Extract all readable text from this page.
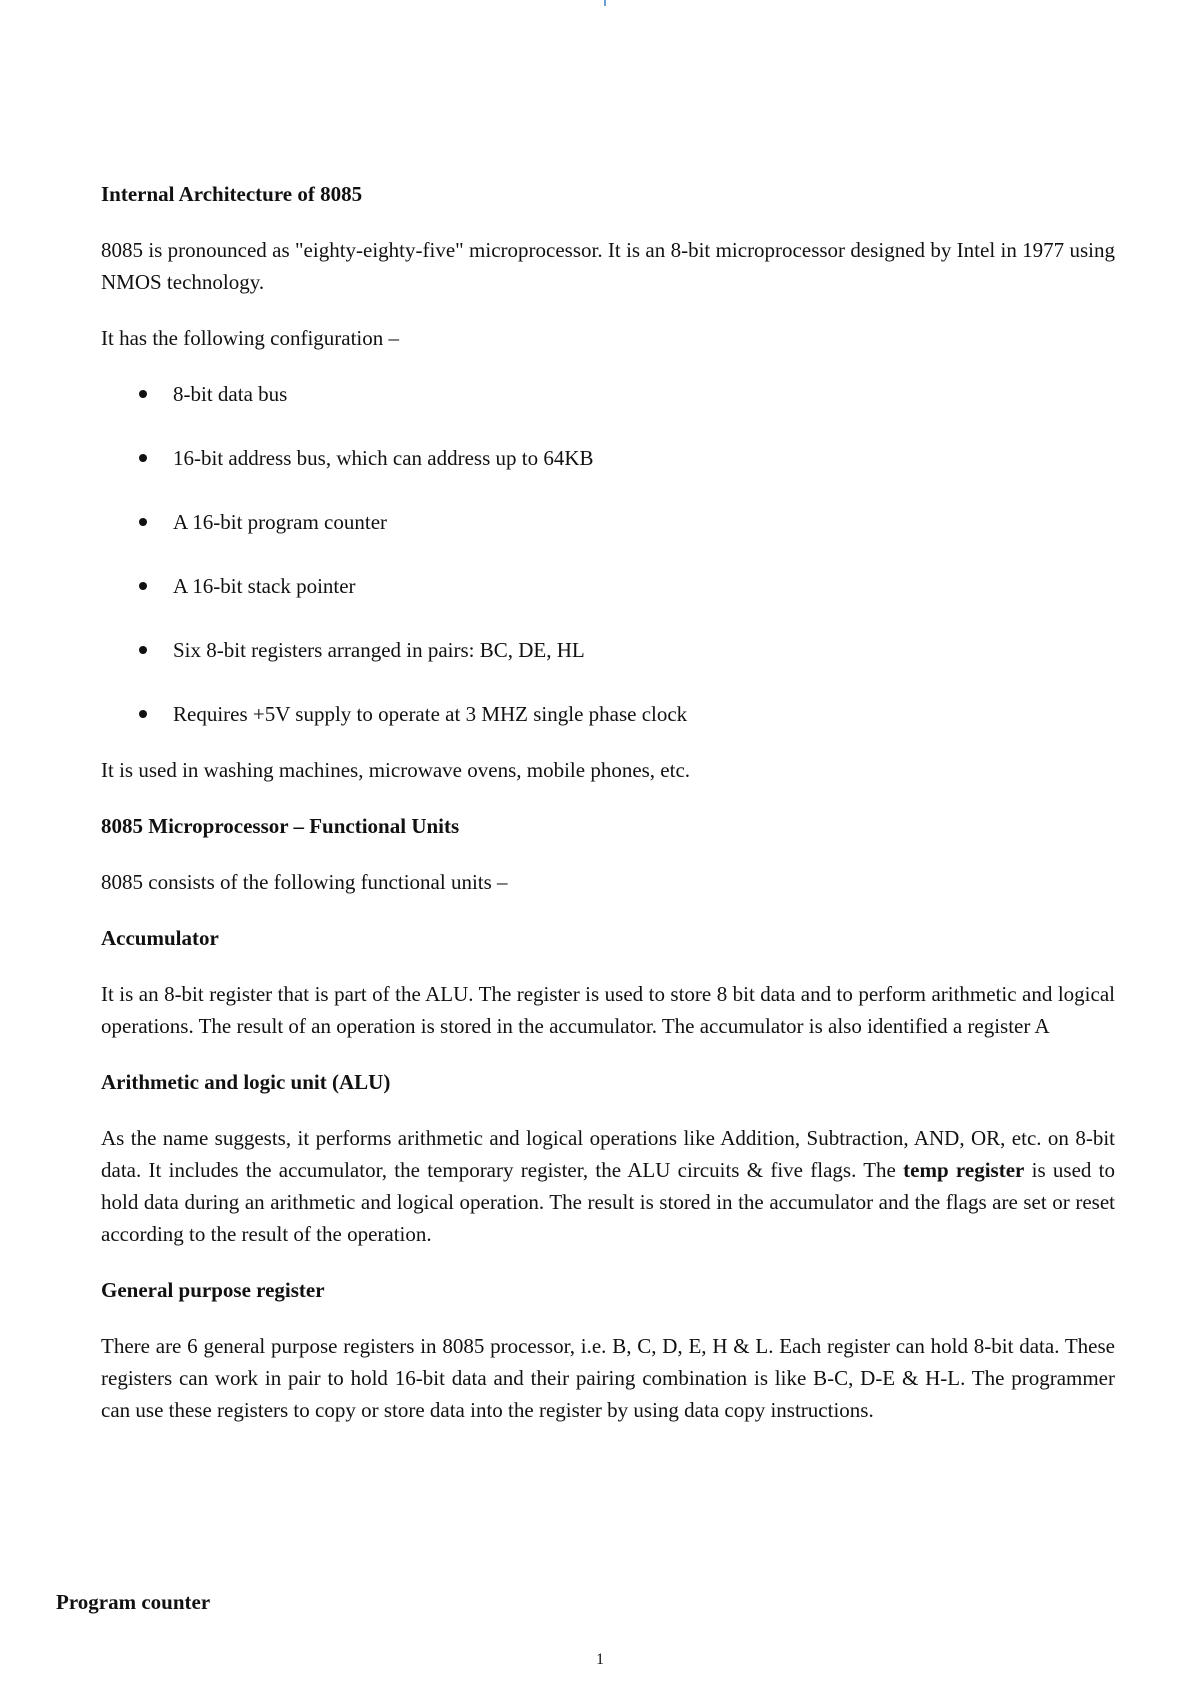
Internal Architecture of 8085

8085 is pronounced as "eighty-eighty-five" microprocessor. It is an 8-bit microprocessor designed by Intel in 1977 using NMOS technology.

It has the following configuration –

8-bit data bus
16-bit address bus, which can address up to 64KB
A 16-bit program counter
A 16-bit stack pointer
Six 8-bit registers arranged in pairs: BC, DE, HL
Requires +5V supply to operate at 3 MHZ single phase clock

It is used in washing machines, microwave ovens, mobile phones, etc.

8085 Microprocessor – Functional Units

8085 consists of the following functional units –

Accumulator

It is an 8-bit register that is part of the ALU. The register is used to store 8 bit data and to perform arithmetic and logical operations. The result of an operation is stored in the accumulator. The accumulator is also identified a register A

Arithmetic and logic unit (ALU)

As the name suggests, it performs arithmetic and logical operations like Addition, Subtraction, AND, OR, etc. on 8-bit data. It includes the accumulator, the temporary register, the ALU circuits & five flags. The temp register is used to hold data during an arithmetic and logical operation. The result is stored in the accumulator and the flags are set or reset according to the result of the operation.

General purpose register

There are 6 general purpose registers in 8085 processor, i.e. B, C, D, E, H & L. Each register can hold 8-bit data. These registers can work in pair to hold 16-bit data and their pairing combination is like B-C, D-E & H-L. The programmer can use these registers to copy or store data into the register by using data copy instructions.

Program counter

1
